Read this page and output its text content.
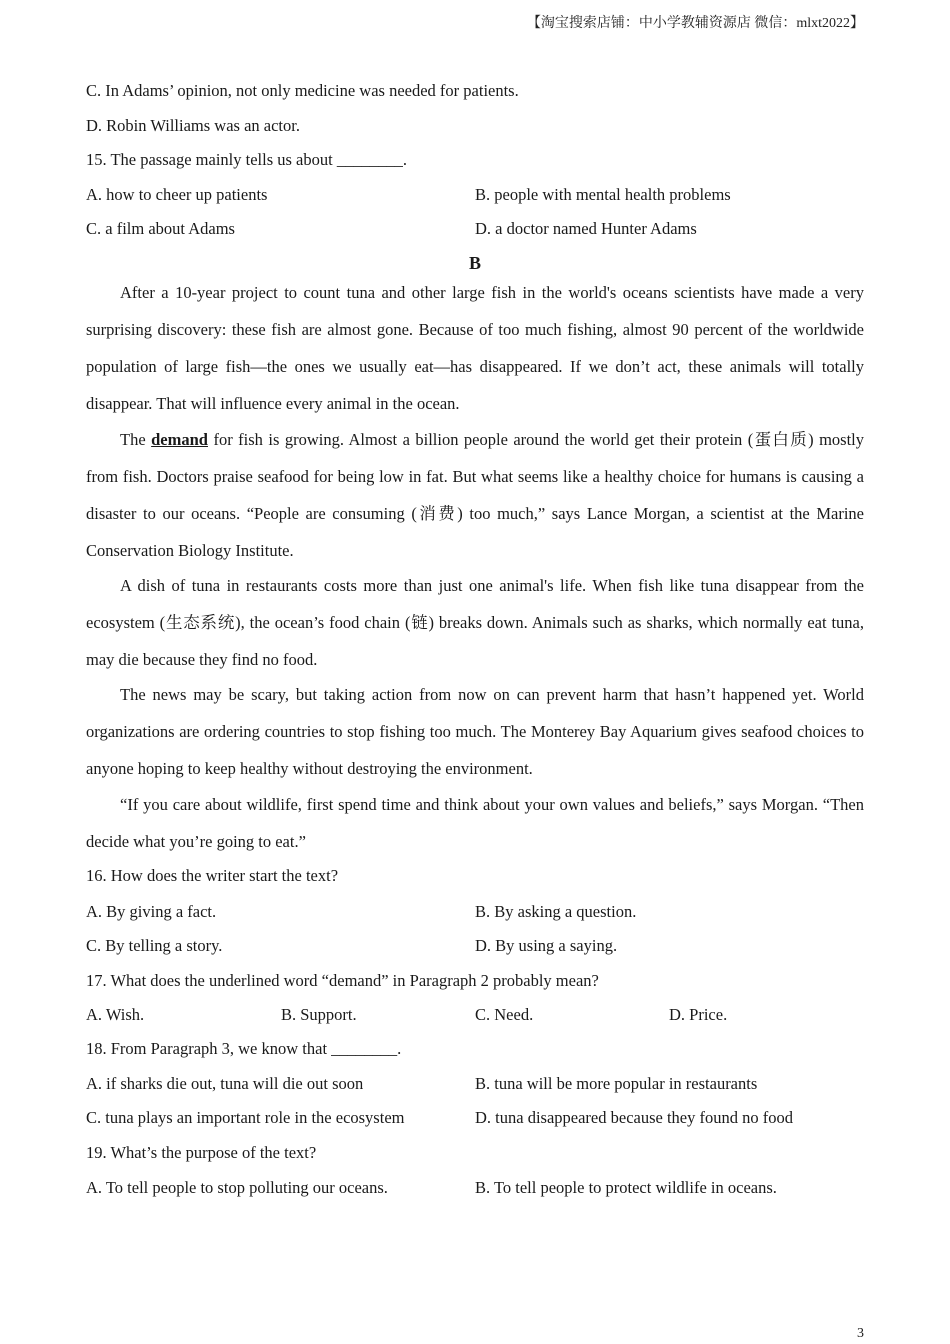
【淘宝搜索店铺：中小学教辅资源店 微信：mlxt2022】
C. In Adams’ opinion, not only medicine was needed for patients.
D. Robin Williams was an actor.
15. The passage mainly tells us about ________.
A. how to cheer up patients	B. people with mental health problems
C. a film about Adams	D. a doctor named Hunter Adams
B
After a 10-year project to count tuna and other large fish in the world's oceans scientists have made a very surprising discovery: these fish are almost gone. Because of too much fishing, almost 90 percent of the worldwide population of large fish—the ones we usually eat—has disappeared. If we don’t act, these animals will totally disappear. That will influence every animal in the ocean.
The demand for fish is growing. Almost a billion people around the world get their protein (蛋白质) mostly from fish. Doctors praise seafood for being low in fat. But what seems like a healthy choice for humans is causing a disaster to our oceans. “People are consuming (消费) too much,” says Lance Morgan, a scientist at the Marine Conservation Biology Institute.
A dish of tuna in restaurants costs more than just one animal's life. When fish like tuna disappear from the ecosystem (生态系统), the ocean’s food chain (链) breaks down. Animals such as sharks, which normally eat tuna, may die because they find no food.
The news may be scary, but taking action from now on can prevent harm that hasn’t happened yet. World organizations are ordering countries to stop fishing too much. The Monterey Bay Aquarium gives seafood choices to anyone hoping to keep healthy without destroying the environment.
“If you care about wildlife, first spend time and think about your own values and beliefs,” says Morgan. “Then decide what you’re going to eat.”
16. How does the writer start the text?
A. By giving a fact.	B. By asking a question.
C. By telling a story.	D. By using a saying.
17. What does the underlined word “demand” in Paragraph 2 probably mean?
A. Wish.	B. Support.	C. Need.	D. Price.
18. From Paragraph 3, we know that ________.
A. if sharks die out, tuna will die out soon	B. tuna will be more popular in restaurants
C. tuna plays an important role in the ecosystem	D. tuna disappeared because they found no food
19. What’s the purpose of the text?
A. To tell people to stop polluting our oceans.	B. To tell people to protect wildlife in oceans.
3
